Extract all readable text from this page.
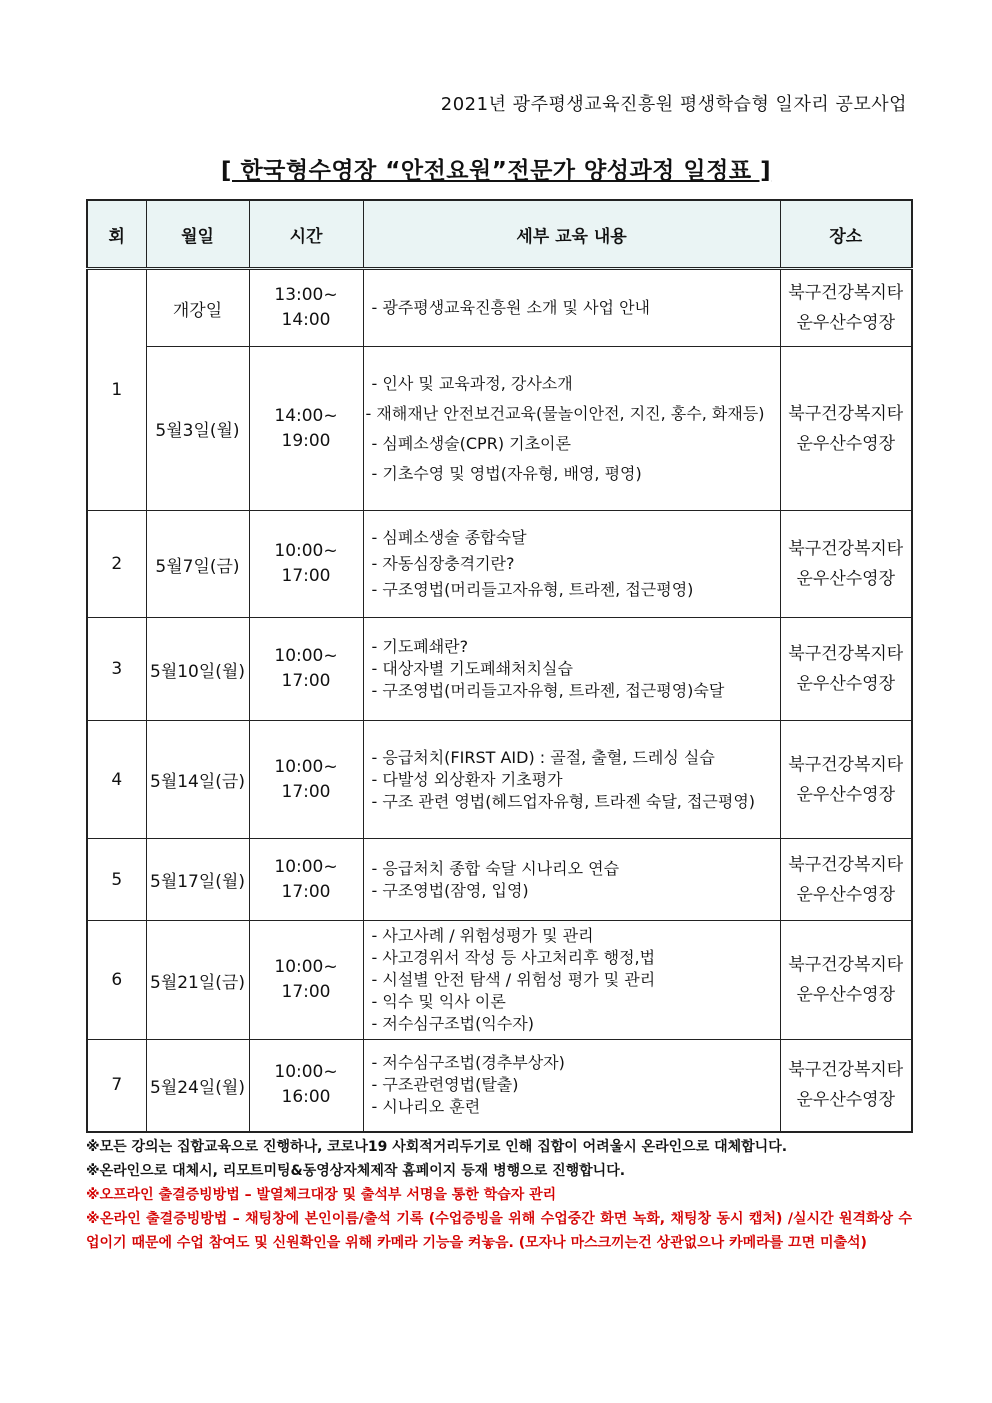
2021년 광주평생교육진흥원 평생학습형 일자리 공모사업
[ 한국형수영장 “안전요원”전문가 양성과정 일정표 ]
회	월일	시간	세부 교육 내용	장소
1	개강일	13:00~
14:00	- 광주평생교육진흥원 소개 및 사업 안내	북구건강복지타
운우산수영장
	5월3일(월)	14:00~
19:00	- 인사 및 교육과정, 강사소개
- 재해재난 안전보건교육(물놀이안전, 지진, 홍수, 화재등)
- 심폐소생술(CPR) 기초이론
- 기초수영 및 영법(자유형, 배영, 평영)	북구건강복지타
운우산수영장
2	5월7일(금)	10:00~
17:00	- 심폐소생술 종합숙달
- 자동심장충격기란?
- 구조영법(머리들고자유형, 트라젠, 접근평영)	북구건강복지타
운우산수영장
3	5월10일(월)	10:00~
17:00	- 기도폐쇄란?
- 대상자별 기도폐쇄처치실습
- 구조영법(머리들고자유형, 트라젠, 접근평영)숙달	북구건강복지타
운우산수영장
4	5월14일(금)	10:00~
17:00	- 응급처치(FIRST AID) : 골절, 출혈, 드레싱 실습
- 다발성 외상환자 기초평가
- 구조 관련 영법(헤드업자유형, 트라젠 숙달, 접근평영)	북구건강복지타
운우산수영장
5	5월17일(월)	10:00~
17:00	- 응급처치 종합 숙달 시나리오 연습
- 구조영법(잠영, 입영)	북구건강복지타
운우산수영장
6	5월21일(금)	10:00~
17:00	- 사고사례 / 위험성평가 및 관리
- 사고경위서 작성 등 사고처리후 행정,법
- 시설별 안전 탐색 / 위험성 평가 및 관리
- 익수 및 익사 이론
- 저수심구조법(익수자)	북구건강복지타
운우산수영장
7	5월24일(월)	10:00~
16:00	- 저수심구조법(경추부상자)
- 구조관련영법(탈출)
- 시나리오 훈련	북구건강복지타
운우산수영장
※모든 강의는 집합교육으로 진행하나, 코로나19 사회적거리두기로 인해 집합이 어려울시 온라인으로 대체합니다.
※온라인으로 대체시, 리모트미팅&동영상자체제작 홈페이지 등재 병행으로 진행합니다.
※오프라인 출결증빙방법 – 발열체크대장 및 출석부 서명을 통한 학습자 관리
※온라인 출결증빙방법 – 채팅창에 본인이름/출석 기록 (수업증빙을 위해 수업중간 화면 녹화, 채팅창 동시 캡처) /실시간 원격화상 수업이기 때문에 수업 참여도 및 신원확인을 위해 카메라 기능을 켜놓음. (모자나 마스크끼는건 상관없으나 카메라를 끄면 미출석)
